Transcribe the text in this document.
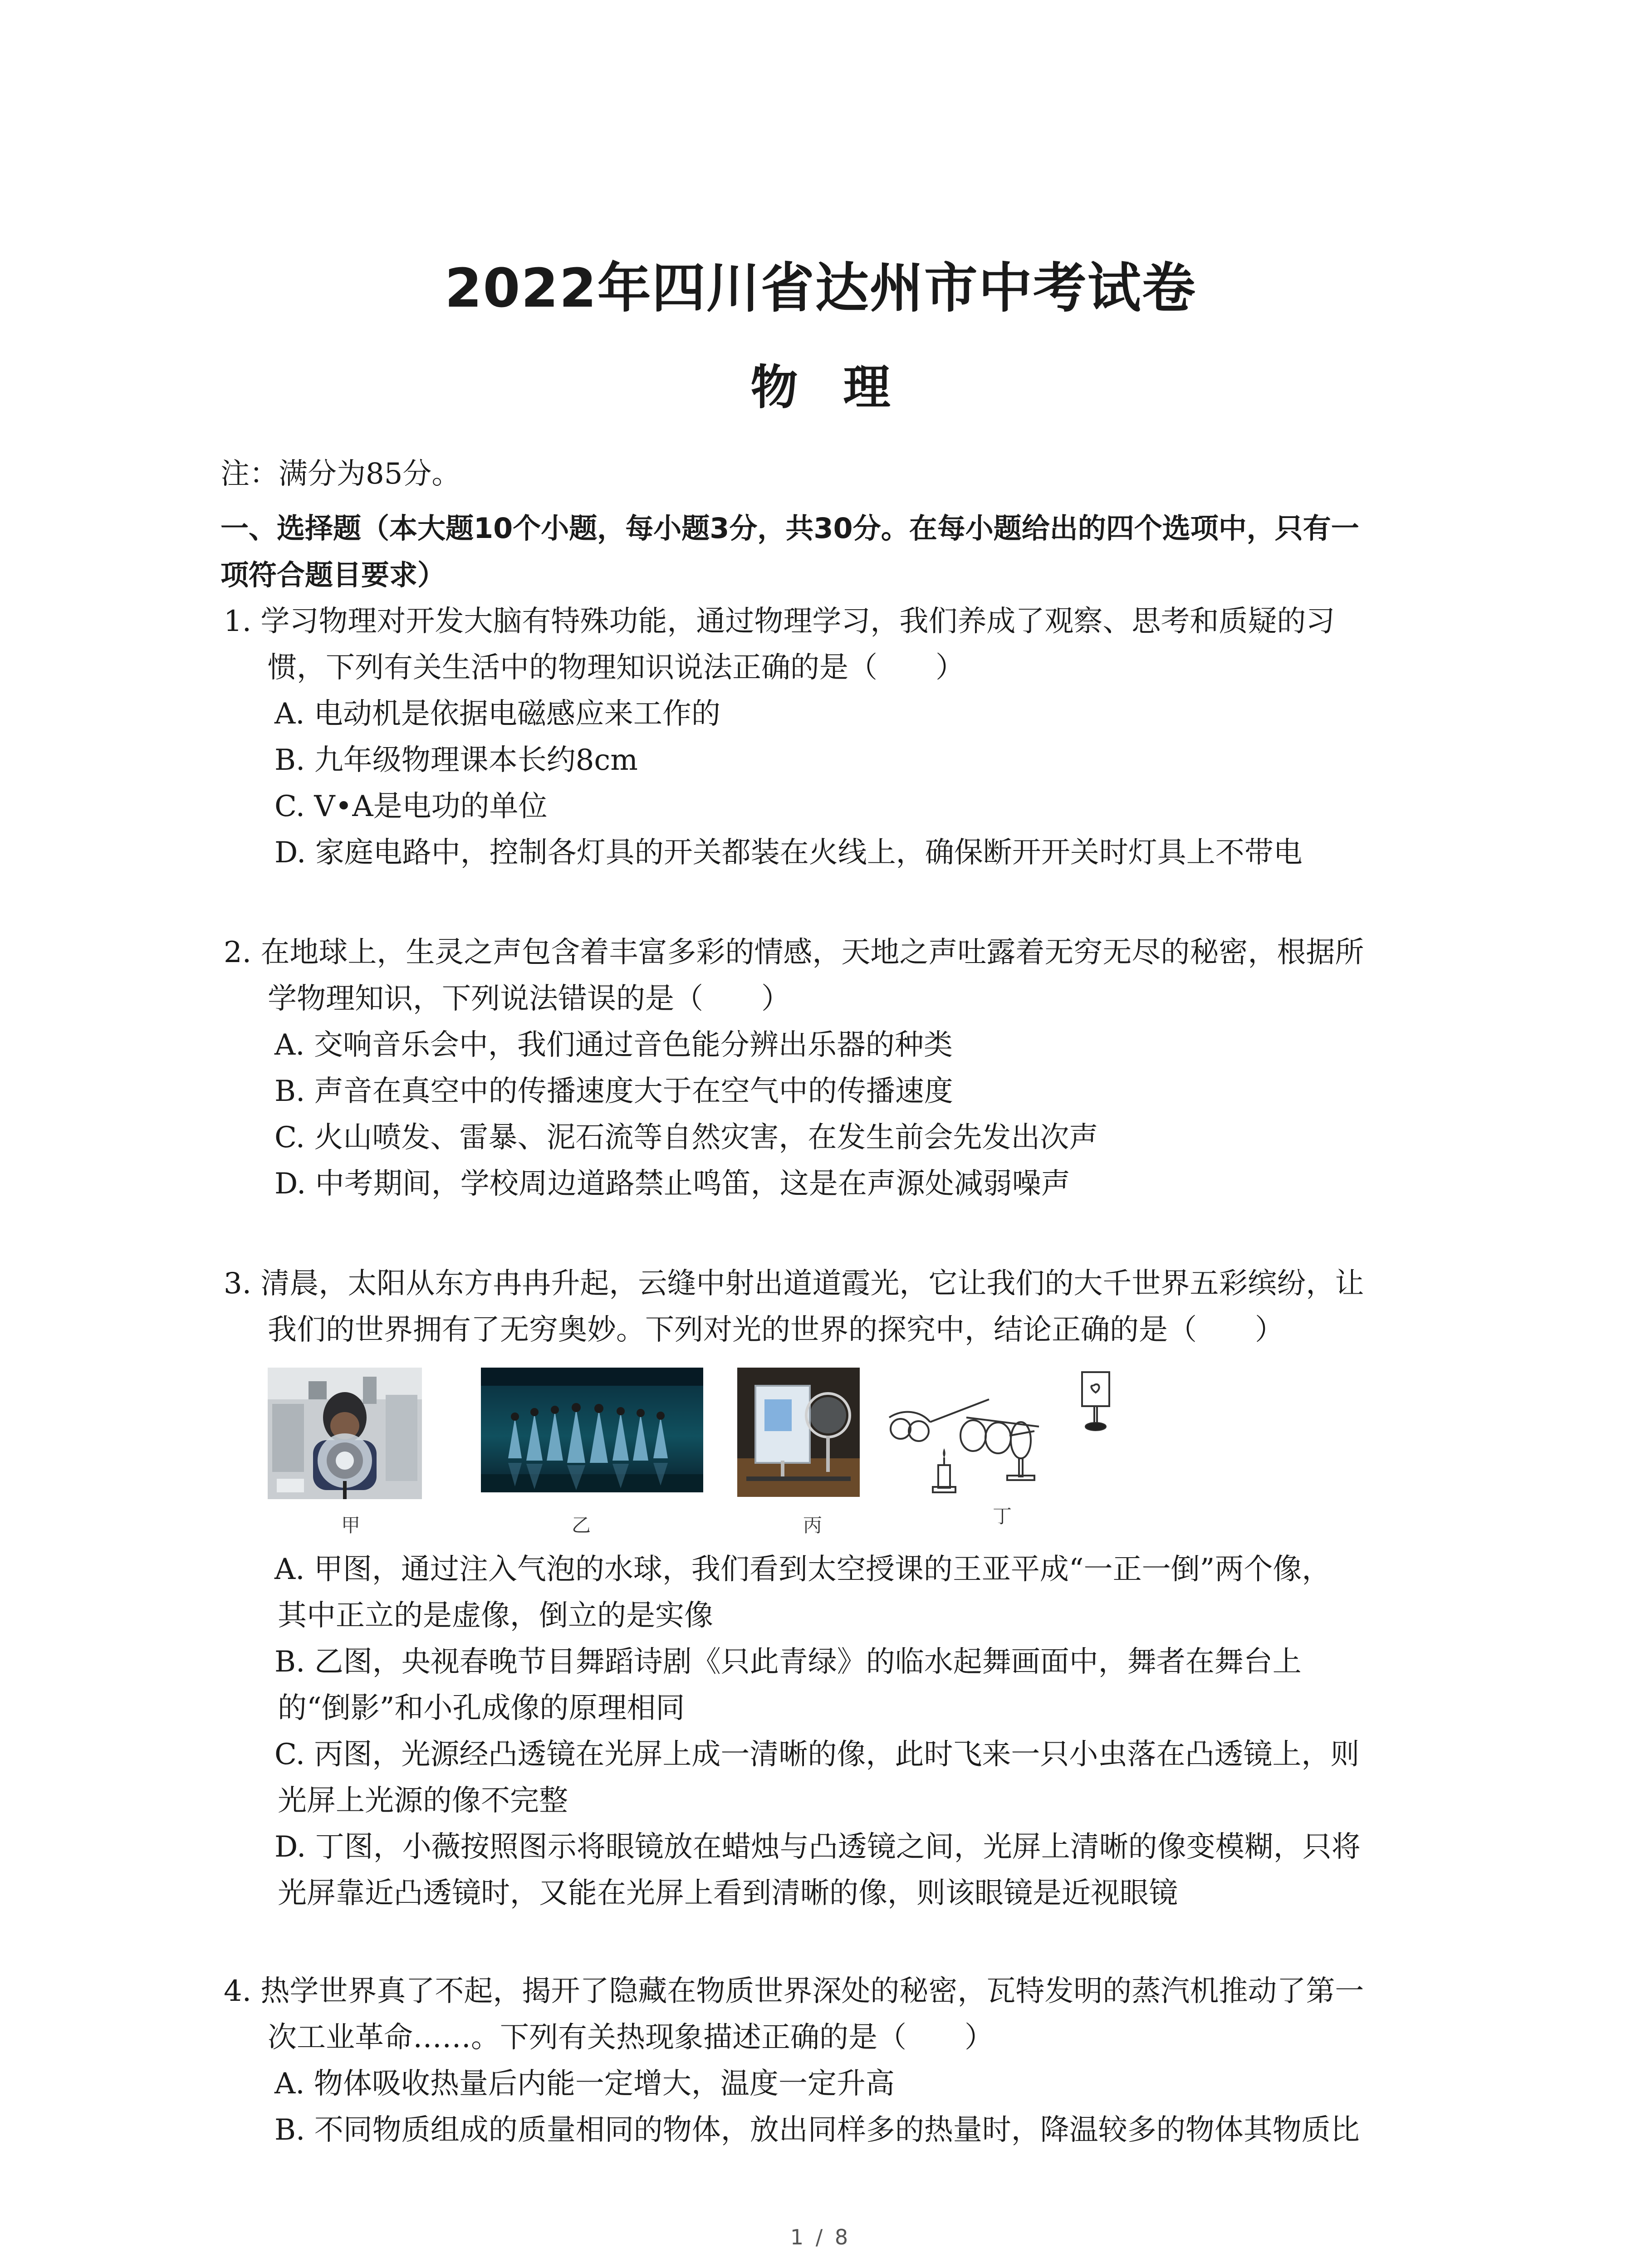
2022年四川省达州市中考试卷
物理
注：满分为85分。
一、选择题（本大题10个小题，每小题3分，共30分。在每小题给出的四个选项中，只有一
项符合题目要求）
1. 学习物理对开发大脑有特殊功能，通过物理学习，我们养成了观察、思考和质疑的习
惯，下列有关生活中的物理知识说法正确的是（　　）
A. 电动机是依据电磁感应来工作的
B. 九年级物理课本长约8cm
C. V•A是电功的单位
D. 家庭电路中，控制各灯具的开关都装在火线上，确保断开开关时灯具上不带电
2. 在地球上，生灵之声包含着丰富多彩的情感，天地之声吐露着无穷无尽的秘密，根据所
学物理知识，下列说法错误的是（　　）
A. 交响音乐会中，我们通过音色能分辨出乐器的种类
B. 声音在真空中的传播速度大于在空气中的传播速度
C. 火山喷发、雷暴、泥石流等自然灾害，在发生前会先发出次声
D. 中考期间，学校周边道路禁止鸣笛，这是在声源处减弱噪声
3. 清晨，太阳从东方冉冉升起，云缝中射出道道霞光，它让我们的大千世界五彩缤纷，让
我们的世界拥有了无穷奥妙。下列对光的世界的探究中，结论正确的是（　　）
甲	乙	丙	丁
A. 甲图，通过注入气泡的水球，我们看到太空授课的王亚平成“一正一倒”两个像，
其中正立的是虚像，倒立的是实像
B. 乙图，央视春晚节目舞蹈诗剧《只此青绿》的临水起舞画面中，舞者在舞台上
的“倒影”和小孔成像的原理相同
C. 丙图，光源经凸透镜在光屏上成一清晰的像，此时飞来一只小虫落在凸透镜上，则
光屏上光源的像不完整
D. 丁图，小薇按照图示将眼镜放在蜡烛与凸透镜之间，光屏上清晰的像变模糊，只将
光屏靠近凸透镜时，又能在光屏上看到清晰的像，则该眼镜是近视眼镜
4. 热学世界真了不起，揭开了隐藏在物质世界深处的秘密，瓦特发明的蒸汽机推动了第一
次工业革命……。下列有关热现象描述正确的是（　　）
A. 物体吸收热量后内能一定增大，温度一定升高
B. 不同物质组成的质量相同的物体，放出同样多的热量时，降温较多的物体其物质比
1 / 8
